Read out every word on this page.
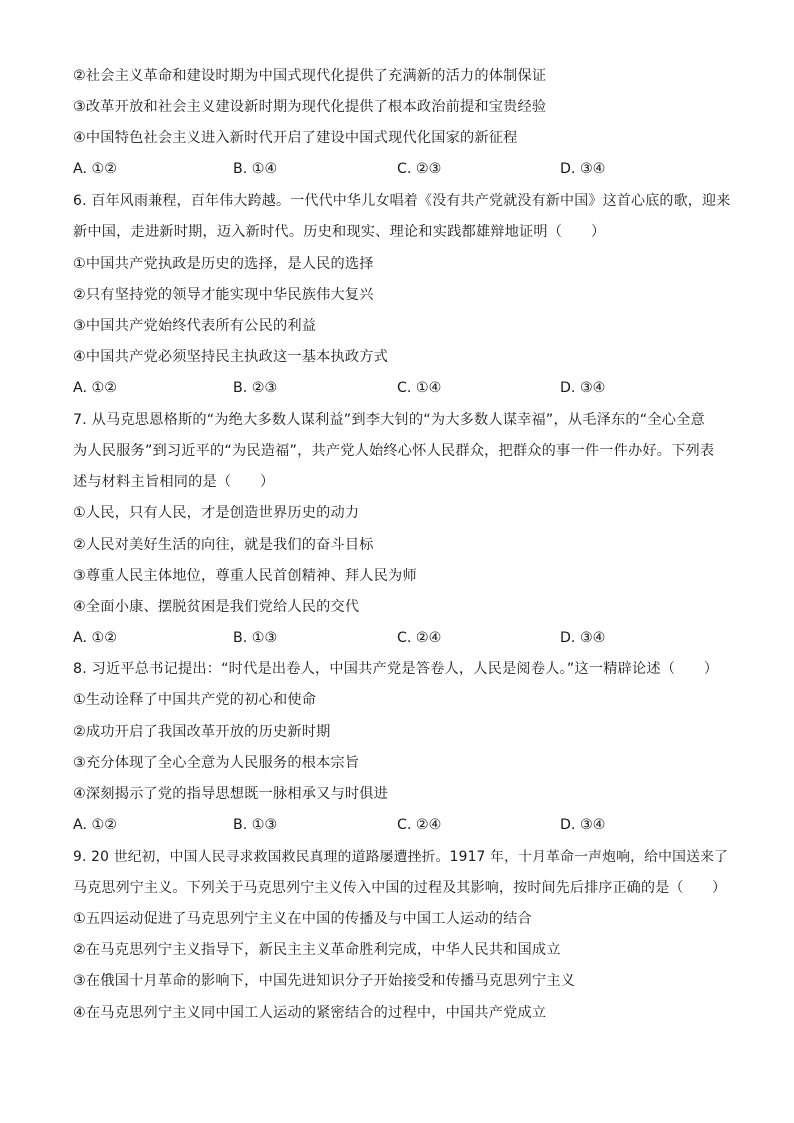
②社会主义革命和建设时期为中国式现代化提供了充满新的活力的体制保证
③改革开放和社会主义建设新时期为现代化提供了根本政治前提和宝贵经验
④中国特色社会主义进入新时代开启了建设中国式现代化国家的新征程
A. ①②	B. ①④	C. ②③	D. ③④
6. 百年风雨兼程，百年伟大跨越。一代代中华儿女唱着《没有共产党就没有新中国》这首心底的歌，迎来
新中国，走进新时期，迈入新时代。历史和现实、理论和实践都雄辩地证明（　　）
①中国共产党执政是历史的选择，是人民的选择
②只有坚持党的领导才能实现中华民族伟大复兴
③中国共产党始终代表所有公民的利益
④中国共产党必须坚持民主执政这一基本执政方式
A. ①②	B. ②③	C. ①④	D. ③④
7. 从马克思恩格斯的“为绝大多数人谋利益”到李大钊的“为大多数人谋幸福”，从毛泽东的“全心全意
为人民服务”到习近平的“为民造福”，共产党人始终心怀人民群众，把群众的事一件一件办好。下列表
述与材料主旨相同的是（　　）
①人民，只有人民，才是创造世界历史的动力
②人民对美好生活的向往，就是我们的奋斗目标
③尊重人民主体地位，尊重人民首创精神、拜人民为师
④全面小康、摆脱贫困是我们党给人民的交代
A. ①②	B. ①③	C. ②④	D. ③④
8. 习近平总书记提出：“时代是出卷人，中国共产党是答卷人，人民是阅卷人。”这一精辟论述（　　）
①生动诠释了中国共产党的初心和使命
②成功开启了我国改革开放的历史新时期
③充分体现了全心全意为人民服务的根本宗旨
④深刻揭示了党的指导思想既一脉相承又与时俱进
A. ①②	B. ①③	C. ②④	D. ③④
9. 20 世纪初，中国人民寻求救国救民真理的道路屡遭挫折。1917 年，十月革命一声炮响，给中国送来了
马克思列宁主义。下列关于马克思列宁主义传入中国的过程及其影响，按时间先后排序正确的是（　　）
①五四运动促进了马克思列宁主义在中国的传播及与中国工人运动的结合
②在马克思列宁主义指导下，新民主主义革命胜利完成，中华人民共和国成立
③在俄国十月革命的影响下，中国先进知识分子开始接受和传播马克思列宁主义
④在马克思列宁主义同中国工人运动的紧密结合的过程中，中国共产党成立
